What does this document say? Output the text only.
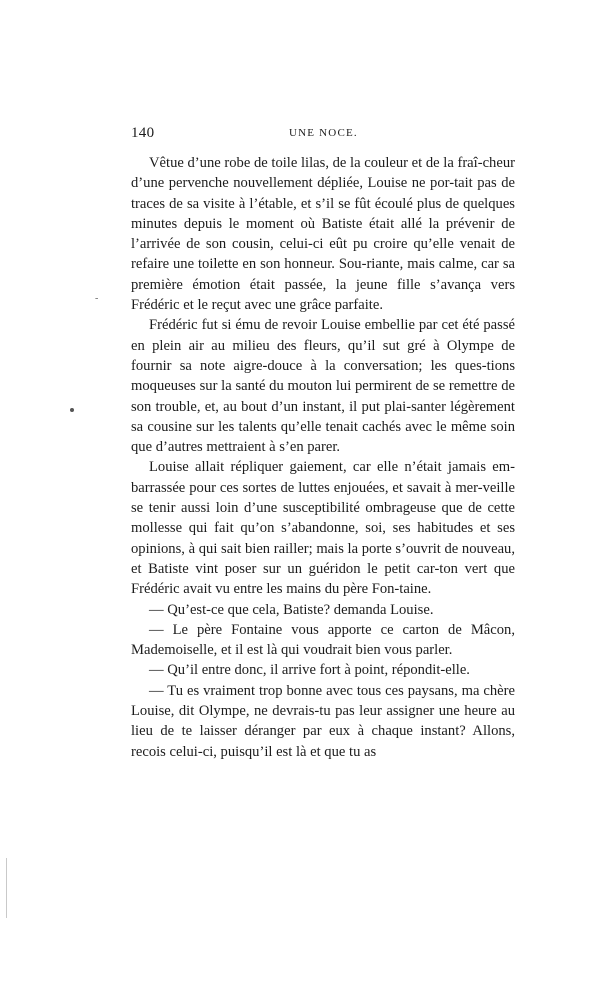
140	UNE NOCE.

Vêtue d’une robe de toile lilas, de la couleur et de la fraî-cheur d’une pervenche nouvellement dépliée, Louise ne por-tait pas de traces de sa visite à l’étable, et s’il se fût écoulé plus de quelques minutes depuis le moment où Batiste était allé la prévenir de l’arrivée de son cousin, celui-ci eût pu croire qu’elle venait de refaire une toilette en son honneur. Sou-riante, mais calme, car sa première émotion était passée, la jeune fille s’avança vers Frédéric et le reçut avec une grâce parfaite.

Frédéric fut si ému de revoir Louise embellie par cet été passé en plein air au milieu des fleurs, qu’il sut gré à Olympe de fournir sa note aigre-douce à la conversation; les ques-tions moqueuses sur la santé du mouton lui permirent de se remettre de son trouble, et, au bout d’un instant, il put plai-santer légèrement sa cousine sur les talents qu’elle tenait cachés avec le même soin que d’autres mettraient à s’en parer.

Louise allait répliquer gaiement, car elle n’était jamais em-barrassée pour ces sortes de luttes enjouées, et savait à mer-veille se tenir aussi loin d’une susceptibilité ombrageuse que de cette mollesse qui fait qu’on s’abandonne, soi, ses habitudes et ses opinions, à qui sait bien railler; mais la porte s’ouvrit de nouveau, et Batiste vint poser sur un guéridon le petit car-ton vert que Frédéric avait vu entre les mains du père Fon-taine.

— Qu’est-ce que cela, Batiste? demanda Louise.

— Le père Fontaine vous apporte ce carton de Mâcon, Mademoiselle, et il est là qui voudrait bien vous parler.

— Qu’il entre donc, il arrive fort à point, répondit-elle.

— Tu es vraiment trop bonne avec tous ces paysans, ma chère Louise, dit Olympe, ne devrais-tu pas leur assigner une heure au lieu de te laisser déranger par eux à chaque instant? Allons, recois celui-ci, puisqu’il est là et que tu as

-
